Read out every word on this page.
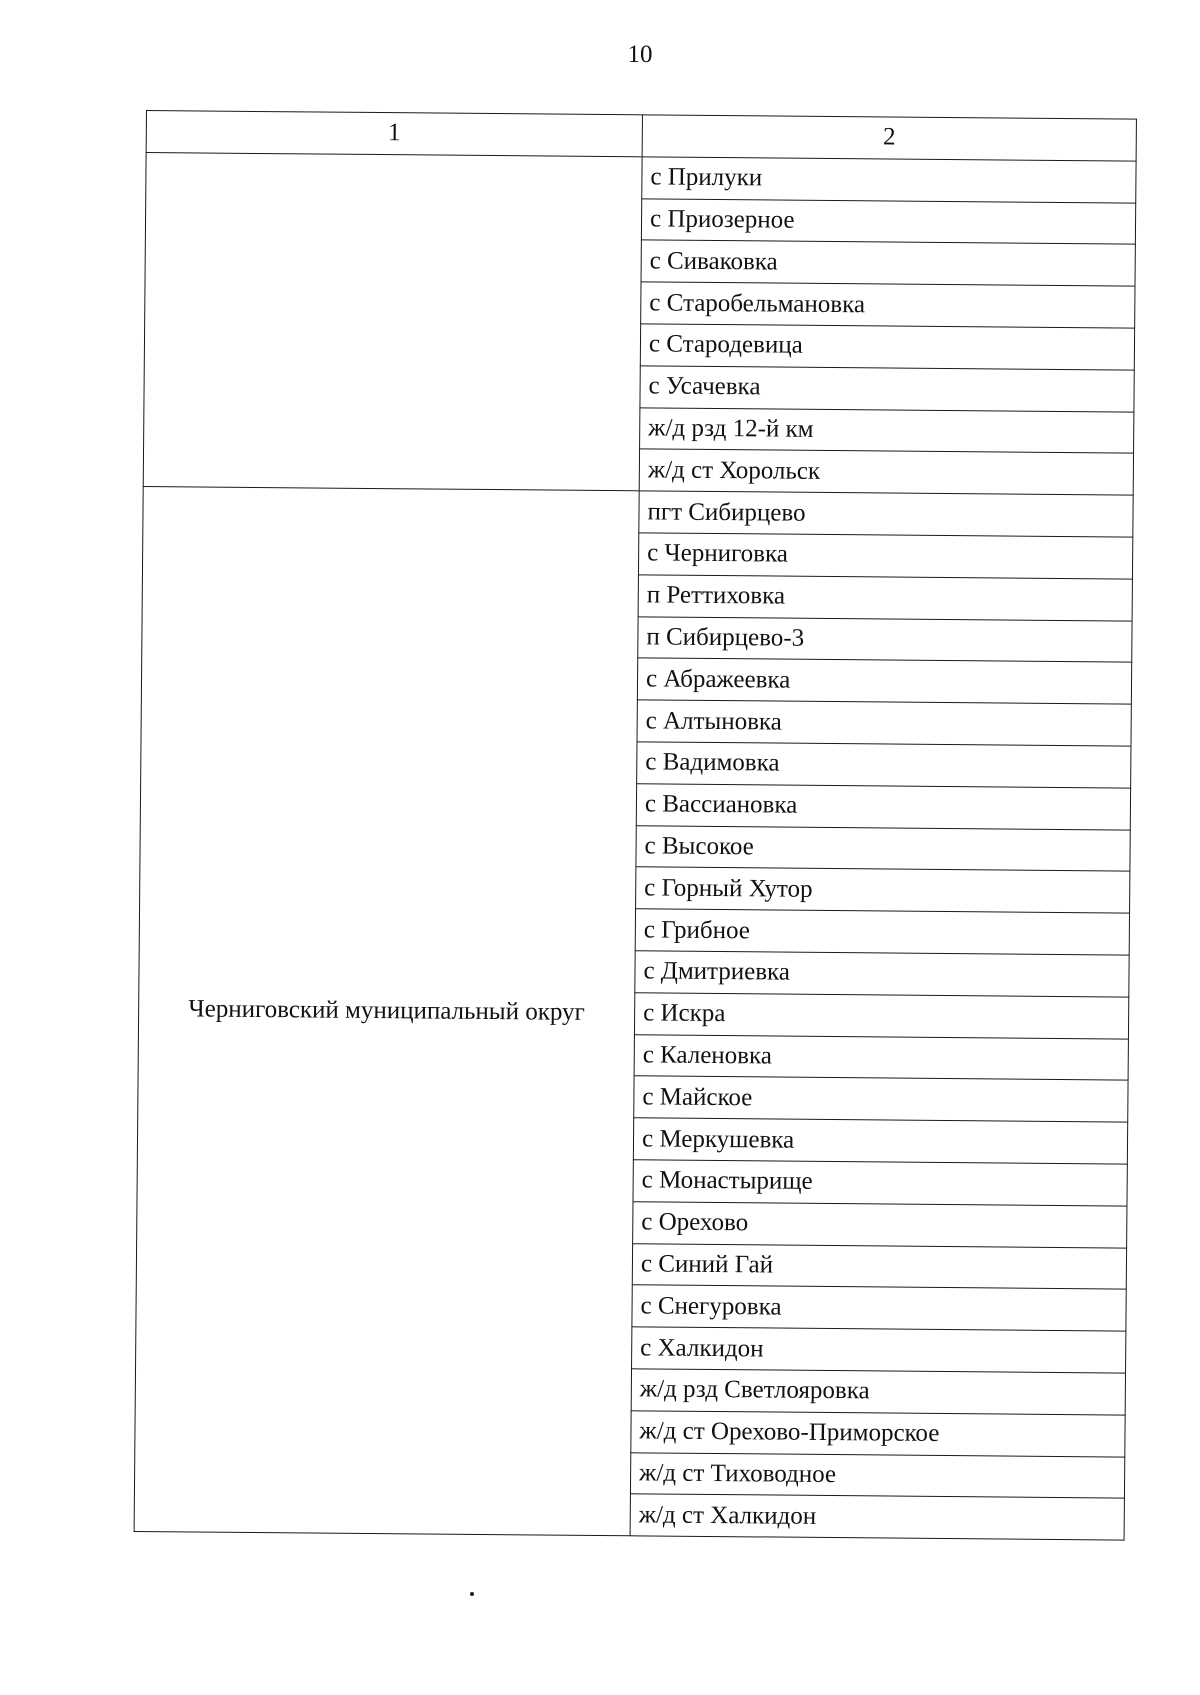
10
1	2
	с Прилуки
	с Приозерное
	с Сиваковка
	с Старобельмановка
	с Стародевица
	с Усачевка
	ж/д рзд 12-й км
	ж/д ст Хорольск
Черниговский муниципальный округ	пгт Сибирцево
	с Черниговка
	п Реттиховка
	п Сибирцево-3
	с Абражеевка
	с Алтыновка
	с Вадимовка
	с Вассиановка
	с Высокое
	с Горный Хутор
	с Грибное
	с Дмитриевка
	с Искра
	с Каленовка
	с Майское
	с Меркушевка
	с Монастырище
	с Орехово
	с Синий Гай
	с Снегуровка
	с Халкидон
	ж/д рзд Светлояровка
	ж/д ст Орехово-Приморское
	ж/д ст Тиховодное
	ж/д ст Халкидон
